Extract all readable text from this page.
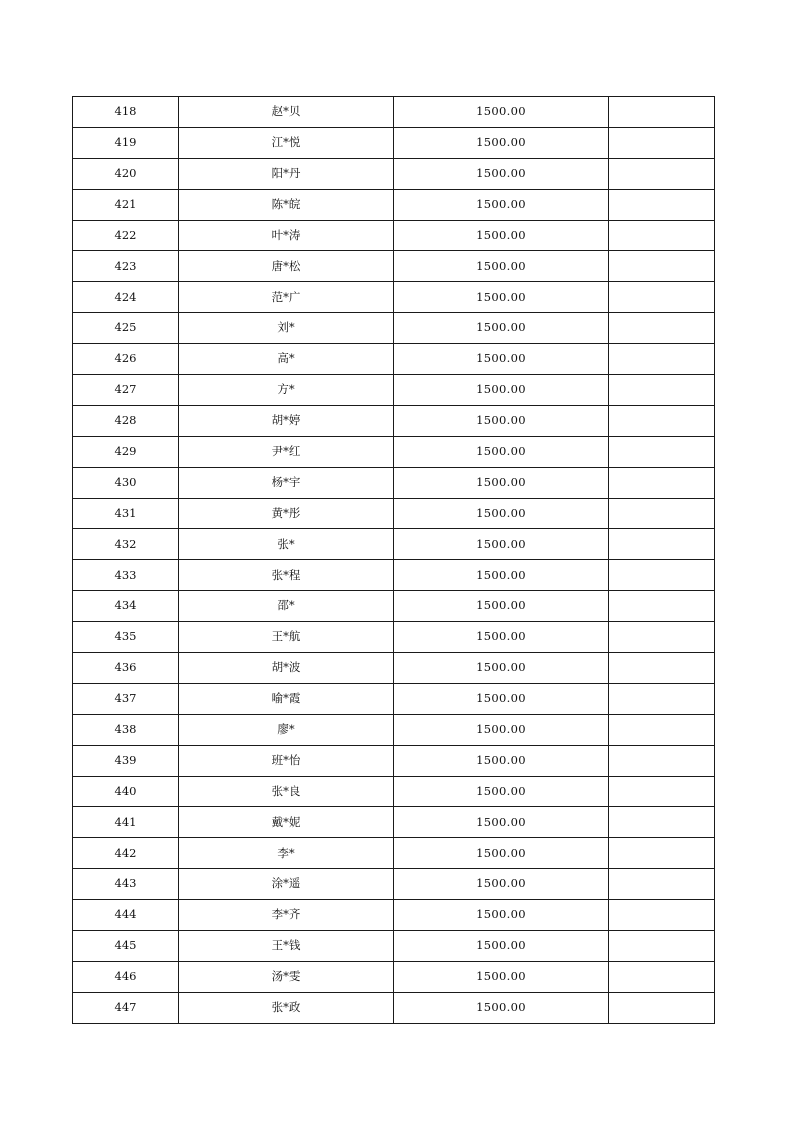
418	赵*贝	1500.00	
419	江*悦	1500.00	
420	阳*丹	1500.00	
421	陈*皖	1500.00	
422	叶*涛	1500.00	
423	唐*松	1500.00	
424	范*广	1500.00	
425	刘*	1500.00	
426	高*	1500.00	
427	方*	1500.00	
428	胡*婷	1500.00	
429	尹*红	1500.00	
430	杨*宇	1500.00	
431	黄*彤	1500.00	
432	张*	1500.00	
433	张*程	1500.00	
434	邵*	1500.00	
435	王*航	1500.00	
436	胡*波	1500.00	
437	喻*霞	1500.00	
438	廖*	1500.00	
439	班*怡	1500.00	
440	张*良	1500.00	
441	戴*妮	1500.00	
442	李*	1500.00	
443	涂*遥	1500.00	
444	李*齐	1500.00	
445	王*钱	1500.00	
446	汤*雯	1500.00	
447	张*政	1500.00	
